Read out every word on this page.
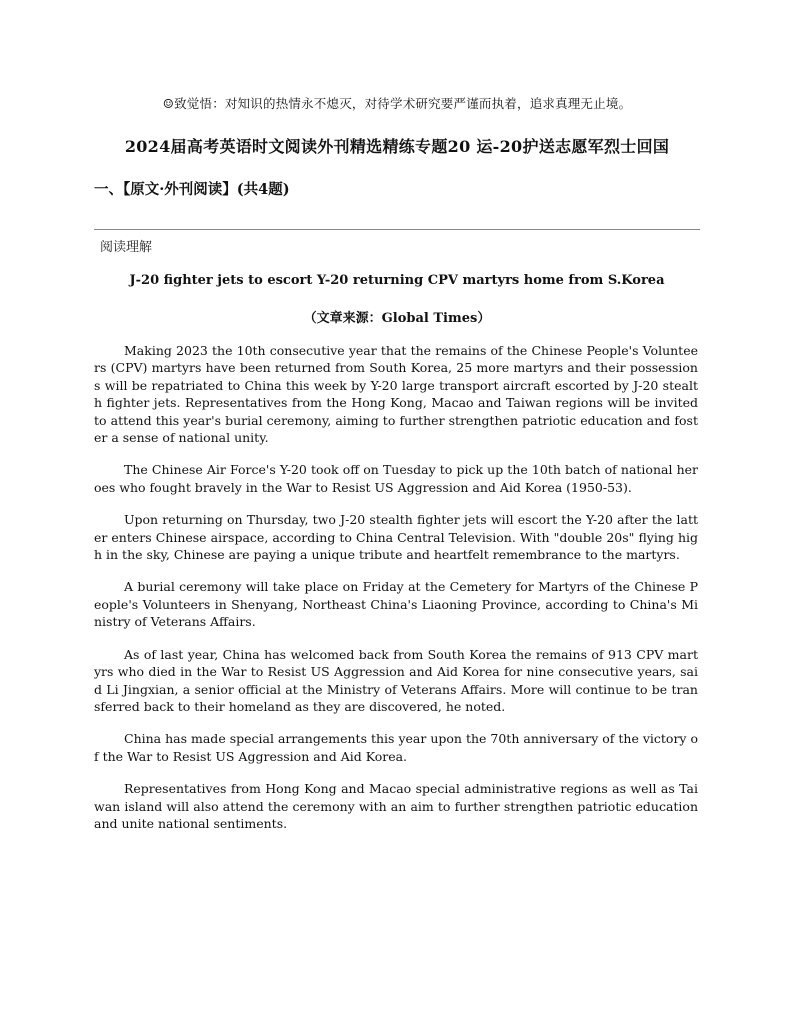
☺致觉悟：对知识的热情永不熄灭，对待学术研究要严谨而执着，追求真理无止境。
2024届高考英语时文阅读外刊精选精练专题20 运-20护送志愿军烈士回国
一、【原文·外刊阅读】(共4题)
阅读理解
J-20 fighter jets to escort Y-20 returning CPV martyrs home from S.Korea
（文章来源：Global Times）

Making 2023 the 10th consecutive year that the remains of the Chinese People's Volunteers (CPV) martyrs have been returned from South Korea, 25 more martyrs and their possessions will be repatriated to China this week by Y-20 large transport aircraft escorted by J-20 stealth fighter jets. Representatives from the Hong Kong, Macao and Taiwan regions will be invited to attend this year's burial ceremony, aiming to further strengthen patriotic education and foster a sense of national unity.

The Chinese Air Force's Y-20 took off on Tuesday to pick up the 10th batch of national heroes who fought bravely in the War to Resist US Aggression and Aid Korea (1950-53).

Upon returning on Thursday, two J-20 stealth fighter jets will escort the Y-20 after the latter enters Chinese airspace, according to China Central Television. With "double 20s" flying high in the sky, Chinese are paying a unique tribute and heartfelt remembrance to the martyrs.

A burial ceremony will take place on Friday at the Cemetery for Martyrs of the Chinese People's Volunteers in Shenyang, Northeast China's Liaoning Province, according to China's Ministry of Veterans Affairs.

As of last year, China has welcomed back from South Korea the remains of 913 CPV martyrs who died in the War to Resist US Aggression and Aid Korea for nine consecutive years, said Li Jingxian, a senior official at the Ministry of Veterans Affairs. More will continue to be transferred back to their homeland as they are discovered, he noted.

China has made special arrangements this year upon the 70th anniversary of the victory of the War to Resist US Aggression and Aid Korea.

Representatives from Hong Kong and Macao special administrative regions as well as Taiwan island will also attend the ceremony with an aim to further strengthen patriotic education and unite national sentiments.
